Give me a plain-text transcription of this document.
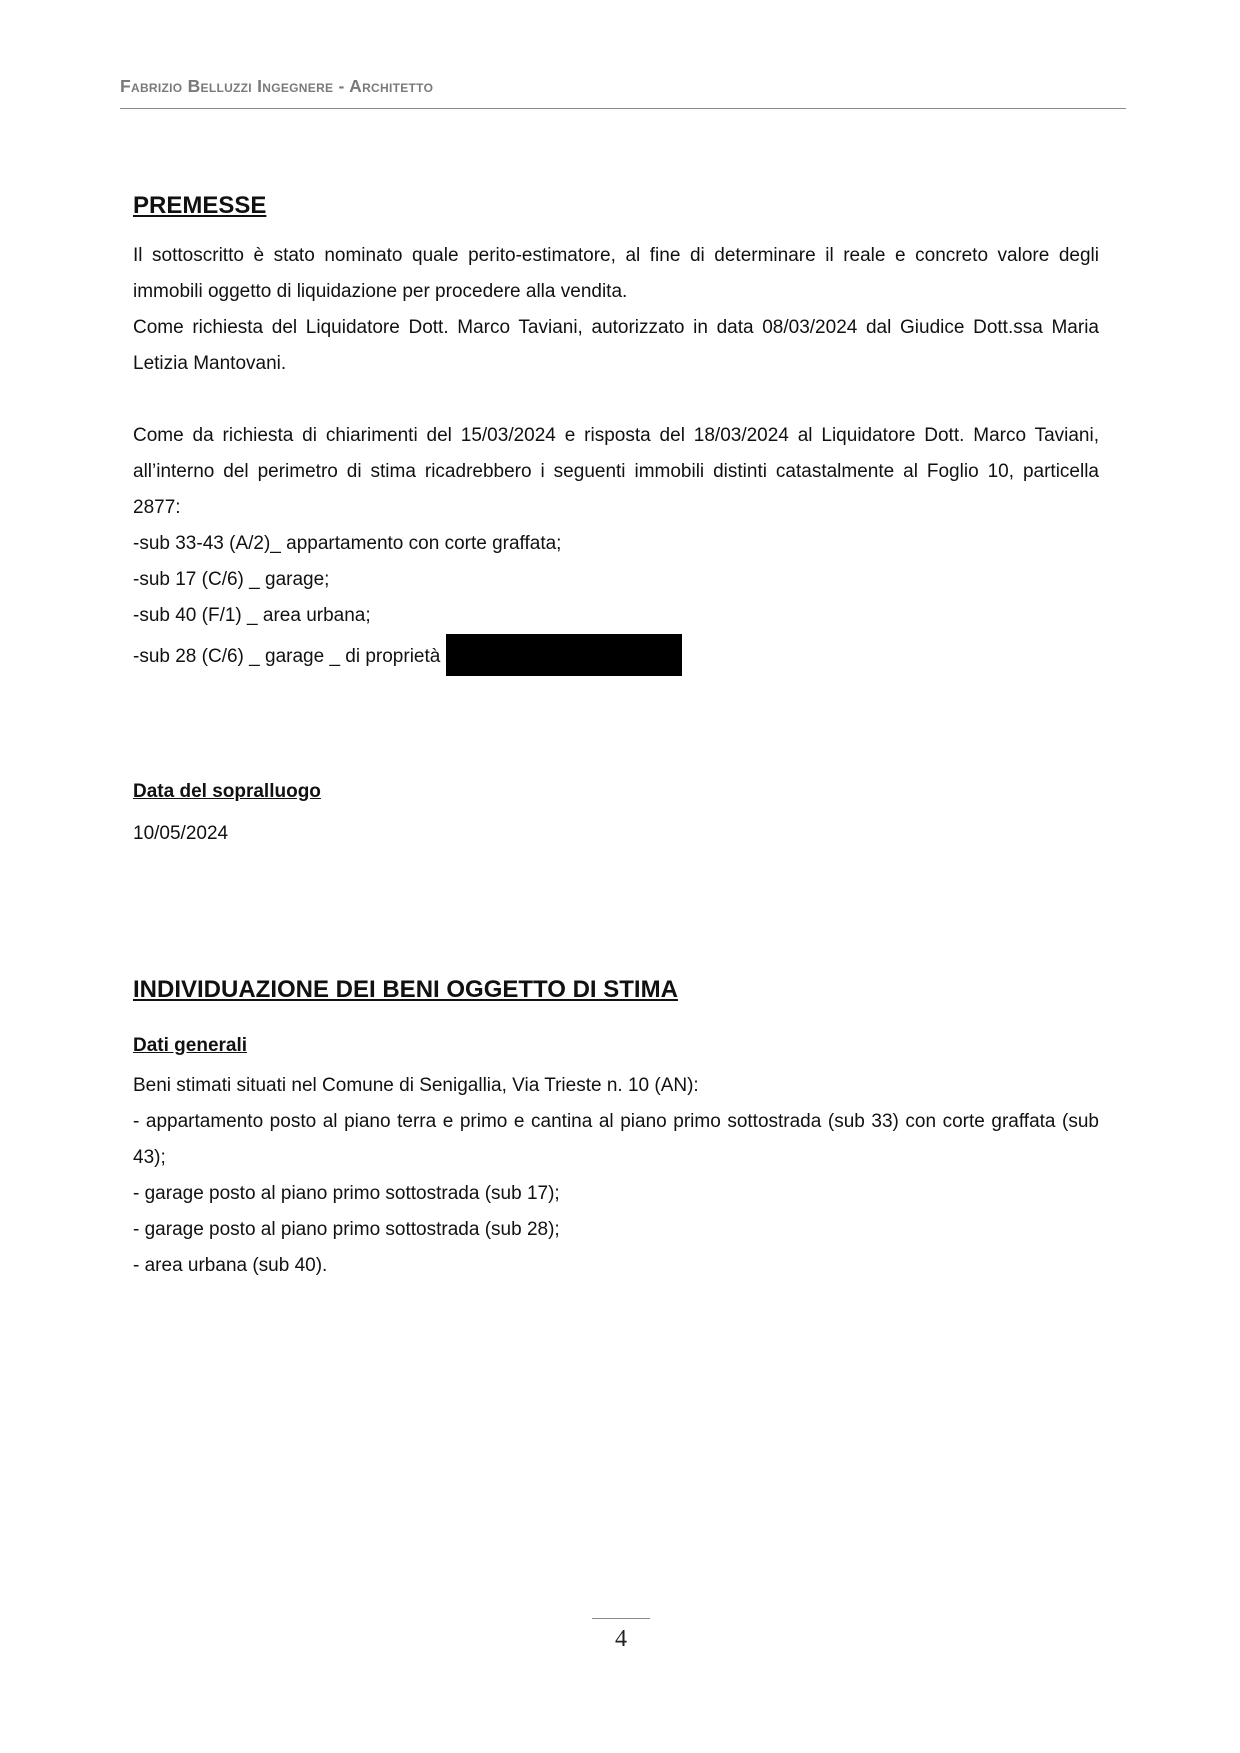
Fabrizio Belluzzi Ingegnere - Architetto
PREMESSE

Il sottoscritto è stato nominato quale perito-estimatore, al fine di determinare il reale e concreto valore degli immobili oggetto di liquidazione per procedere alla vendita.

Come richiesta del Liquidatore Dott. Marco Taviani, autorizzato in data 08/03/2024 dal Giudice Dott.ssa Maria Letizia Mantovani.

Come da richiesta di chiarimenti del 15/03/2024 e risposta del 18/03/2024 al Liquidatore Dott. Marco Taviani, all’interno del perimetro di stima ricadrebbero i seguenti immobili distinti catastalmente al Foglio 10, particella 2877:

-sub 33-43 (A/2)_ appartamento con corte graffata;

-sub 17 (C/6) _ garage;

-sub 40 (F/1) _ area urbana;

-sub 28 (C/6) _ garage _ di proprietà

Data del sopralluogo

10/05/2024

INDIVIDUAZIONE DEI BENI OGGETTO DI STIMA
Dati generali

Beni stimati situati nel Comune di Senigallia, Via Trieste n. 10 (AN):

- appartamento posto al piano terra e primo e cantina al piano primo sottostrada (sub 33) con corte graffata (sub 43);

- garage posto al piano primo sottostrada (sub 17);

- garage posto al piano primo sottostrada (sub 28);

- area urbana (sub 40).

4
